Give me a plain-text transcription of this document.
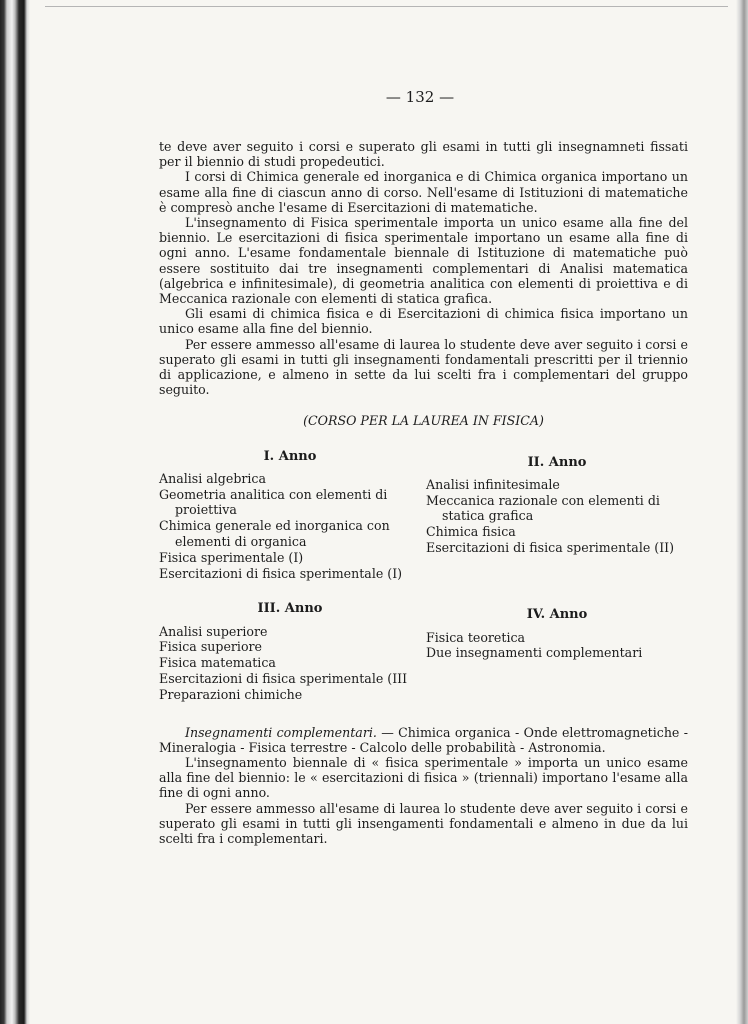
— 132 —

te deve aver seguito i corsi e superato gli esami in tutti gli insegnamneti fissati per il biennio di studi propedeutici.

I corsi di Chimica generale ed inorganica e di Chimica organica importano un esame alla fine di ciascun anno di corso. Nell'esame di Istituzioni di matematiche è compresò anche l'esame di Esercitazioni di matematiche.

L'insegnamento di Fisica sperimentale importa un unico esame alla fine del biennio. Le esercitazioni di fisica sperimentale importano un esame alla fine di ogni anno. L'esame fondamentale biennale di Istituzione di matematiche può essere sostituito dai tre insegnamenti complementari di Analisi matematica (algebrica e infinitesimale), di geometria analitica con elementi di proiettiva e di Meccanica razionale con elementi di statica grafica.

Gli esami di chimica fisica e di Esercitazioni di chimica fisica importano un unico esame alla fine del biennio.

Per essere ammesso all'esame di laurea lo studente deve aver seguito i corsi e superato gli esami in tutti gli insegnamenti fondamentali prescritti per il triennio di applicazione, e almeno in sette da lui scelti fra i complementari del gruppo seguito.

(CORSO PER LA LAUREA IN FISICA)
I. Anno
Analisi algebrica
Geometria analitica con elementi di proiettiva
Chimica generale ed inorganica con elementi di organica
Fisica sperimentale (I)
Esercitazioni di fisica sperimentale (I)
II. Anno
Analisi infinitesimale
Meccanica razionale con elementi di statica grafica
Chimica fisica
Esercitazioni di fisica sperimentale (II)
III. Anno
Analisi superiore
Fisica superiore
Fisica matematica
Esercitazioni di fisica sperimentale (III
Preparazioni chimiche
IV. Anno
Fisica teoretica
Due insegnamenti complementari

Insegnamenti complementari. — Chimica organica - Onde elettromagnetiche - Mineralogia - Fisica terrestre - Calcolo delle probabilità - Astronomia.

L'insegnamento biennale di « fisica sperimentale » importa un unico esame alla fine del biennio: le « esercitazioni di fisica » (triennali) importano l'esame alla fine di ogni anno.

Per essere ammesso all'esame di laurea lo studente deve aver seguito i corsi e superato gli esami in tutti gli insengamenti fondamentali e almeno in due da lui scelti fra i complementari.
